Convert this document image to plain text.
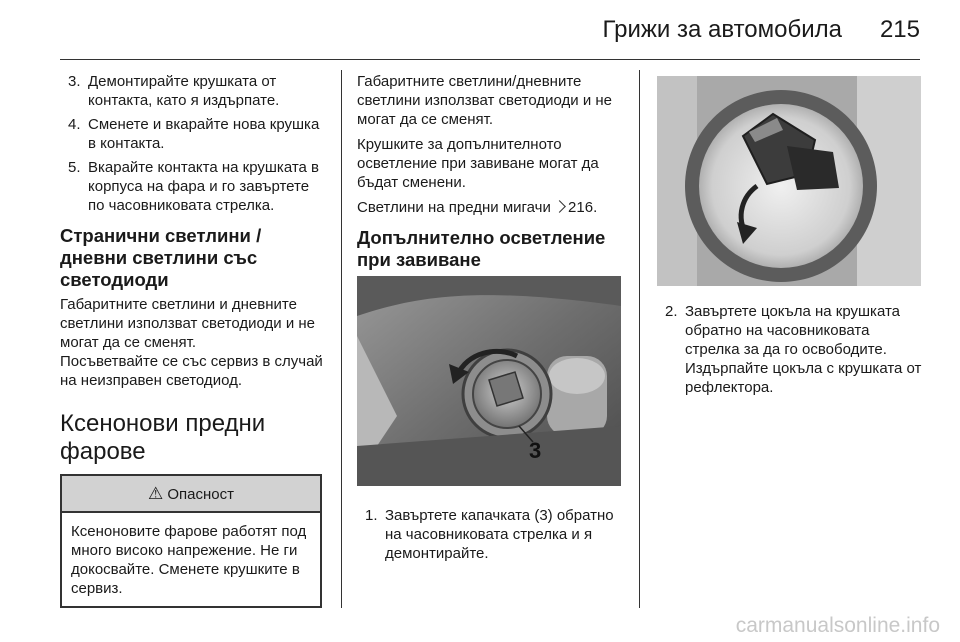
Грижи за автомобила 215
3. Демонтирайте крушката от контакта, като я издърпате.
4. Сменете и вкарайте нова крушка в контакта.
5. Вкарайте контакта на крушката в корпуса на фара и го завъртете по часовниковата стрелка.
Странични светлини / дневни светлини със светодиоди

Габаритните светлини и дневните светлини използват светодиоди и не могат да се сменят.

Посъветвайте се със сервиз в случай на неизправен светодиод.

Ксенонови предни фарове
⚠ Опасност
Ксеноновите фарове работят под много високо напрежение. Не ги докосвайте. Сменете крушките в сервиз.

Габаритните светлини/дневните светлини използват светодиоди и не могат да се сменят.

Крушките за допълнителното осветление при завиване могат да бъдат сменени.

Светлини на предни мигачи 216.

Допълнително осветление при завиване
3
1. Завъртете капачката (3) обратно на часовниковата стрелка и я демонтирайте.
2. Завъртете цокъла на крушката обратно на часовниковата стрелка за да го освободите. Издърпайте цокъла с крушката от рефлектора.
carmanualsonline.info
